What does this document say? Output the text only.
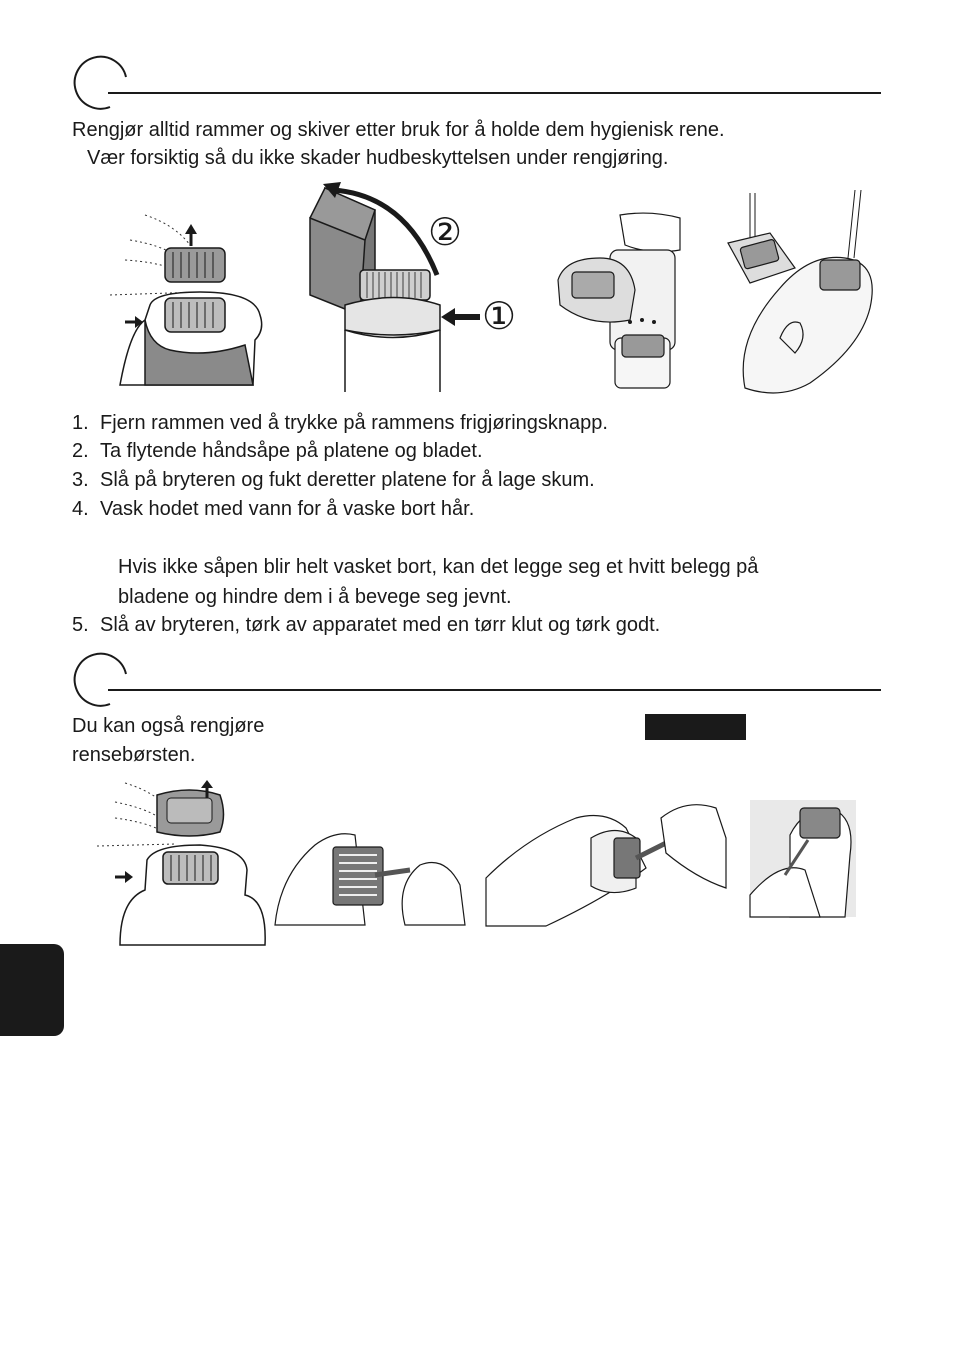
Rengjør alltid rammer og skiver etter bruk for å holde dem hygienisk rene.
Vær forsiktig så du ikke skader hudbeskyttelsen under rengjøring.
②
①
1. Fjern rammen ved å trykke på rammens frigjøringsknapp.
2. Ta flytende håndsåpe på platene og bladet.
3. Slå på bryteren og fukt deretter platene for å lage skum.
4. Vask hodet med vann for å vaske bort hår.
Hvis ikke såpen blir helt vasket bort, kan det legge seg et hvitt belegg på
bladene og hindre dem i å bevege seg jevnt.
5. Slå av bryteren, tørk av apparatet med en tørr klut og tørk godt.
Du kan også rengjøre
rensebørsten.
